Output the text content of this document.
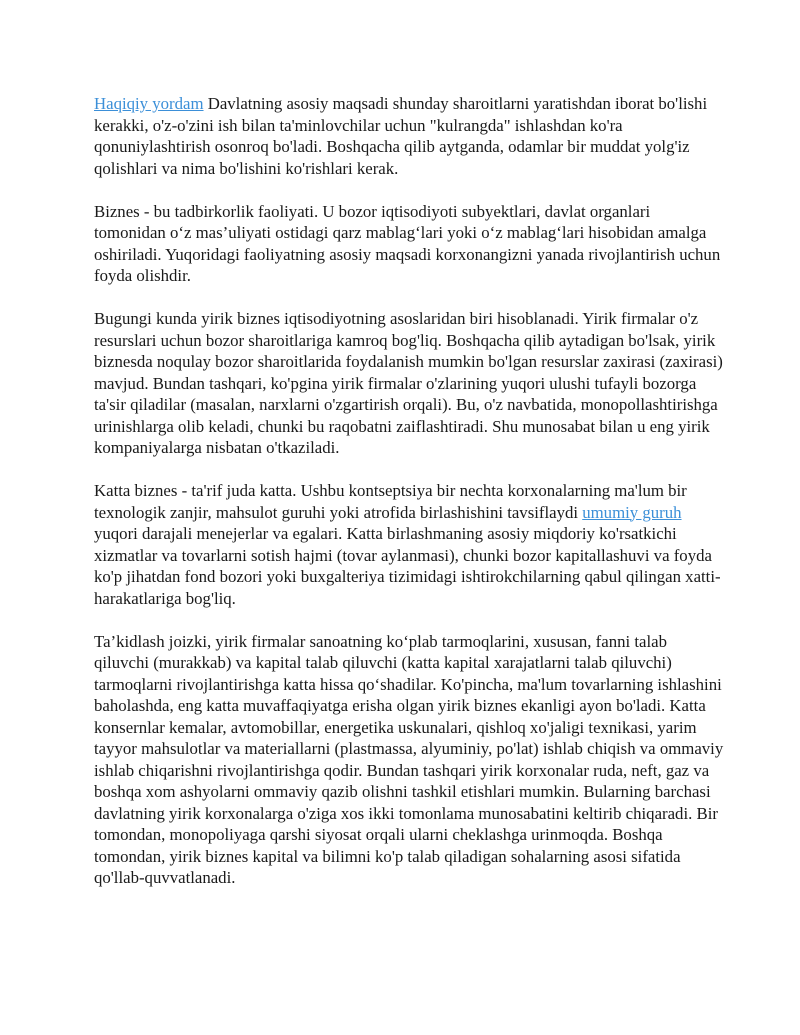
Haqiqiy yordam Davlatning asosiy maqsadi shunday sharoitlarni yaratishdan iborat bo'lishi kerakki, o'z-o'zini ish bilan ta'minlovchilar uchun "kulrangda" ishlashdan ko'ra qonuniylashtirish osonroq bo'ladi. Boshqacha qilib aytganda, odamlar bir muddat yolg'iz qolishlari va nima bo'lishini ko'rishlari kerak.

Biznes - bu tadbirkorlik faoliyati. U bozor iqtisodiyoti subyektlari, davlat organlari tomonidan o‘z mas’uliyati ostidagi qarz mablag‘lari yoki o‘z mablag‘lari hisobidan amalga oshiriladi. Yuqoridagi faoliyatning asosiy maqsadi korxonangizni yanada rivojlantirish uchun foyda olishdir.

Bugungi kunda yirik biznes iqtisodiyotning asoslaridan biri hisoblanadi. Yirik firmalar o'z resurslari uchun bozor sharoitlariga kamroq bog'liq. Boshqacha qilib aytadigan bo'lsak, yirik biznesda noqulay bozor sharoitlarida foydalanish mumkin bo'lgan resurslar zaxirasi (zaxirasi) mavjud. Bundan tashqari, ko'pgina yirik firmalar o'zlarining yuqori ulushi tufayli bozorga ta'sir qiladilar (masalan, narxlarni o'zgartirish orqali). Bu, o'z navbatida, monopollashtirishga urinishlarga olib keladi, chunki bu raqobatni zaiflashtiradi. Shu munosabat bilan u eng yirik kompaniyalarga nisbatan o'tkaziladi.

Katta biznes - ta'rif juda katta. Ushbu kontseptsiya bir nechta korxonalarning ma'lum bir texnologik zanjir, mahsulot guruhi yoki atrofida birlashishini tavsiflaydi umumiy guruh yuqori darajali menejerlar va egalari. Katta birlashmaning asosiy miqdoriy ko'rsatkichi xizmatlar va tovarlarni sotish hajmi (tovar aylanmasi), chunki bozor kapitallashuvi va foyda ko'p jihatdan fond bozori yoki buxgalteriya tizimidagi ishtirokchilarning qabul qilingan xatti-harakatlariga bog'liq.

Ta’kidlash joizki, yirik firmalar sanoatning ko‘plab tarmoqlarini, xususan, fanni talab qiluvchi (murakkab) va kapital talab qiluvchi (katta kapital xarajatlarni talab qiluvchi) tarmoqlarni rivojlantirishga katta hissa qo‘shadilar. Ko'pincha, ma'lum tovarlarning ishlashini baholashda, eng katta muvaffaqiyatga erisha olgan yirik biznes ekanligi ayon bo'ladi. Katta konsernlar kemalar, avtomobillar, energetika uskunalari, qishloq xo'jaligi texnikasi, yarim tayyor mahsulotlar va materiallarni (plastmassa, alyuminiy, po'lat) ishlab chiqish va ommaviy ishlab chiqarishni rivojlantirishga qodir. Bundan tashqari yirik korxonalar ruda, neft, gaz va boshqa xom ashyolarni ommaviy qazib olishni tashkil etishlari mumkin. Bularning barchasi davlatning yirik korxonalarga o'ziga xos ikki tomonlama munosabatini keltirib chiqaradi. Bir tomondan, monopoliyaga qarshi siyosat orqali ularni cheklashga urinmoqda. Boshqa tomondan, yirik biznes kapital va bilimni ko'p talab qiladigan sohalarning asosi sifatida qo'llab-quvvatlanadi.
